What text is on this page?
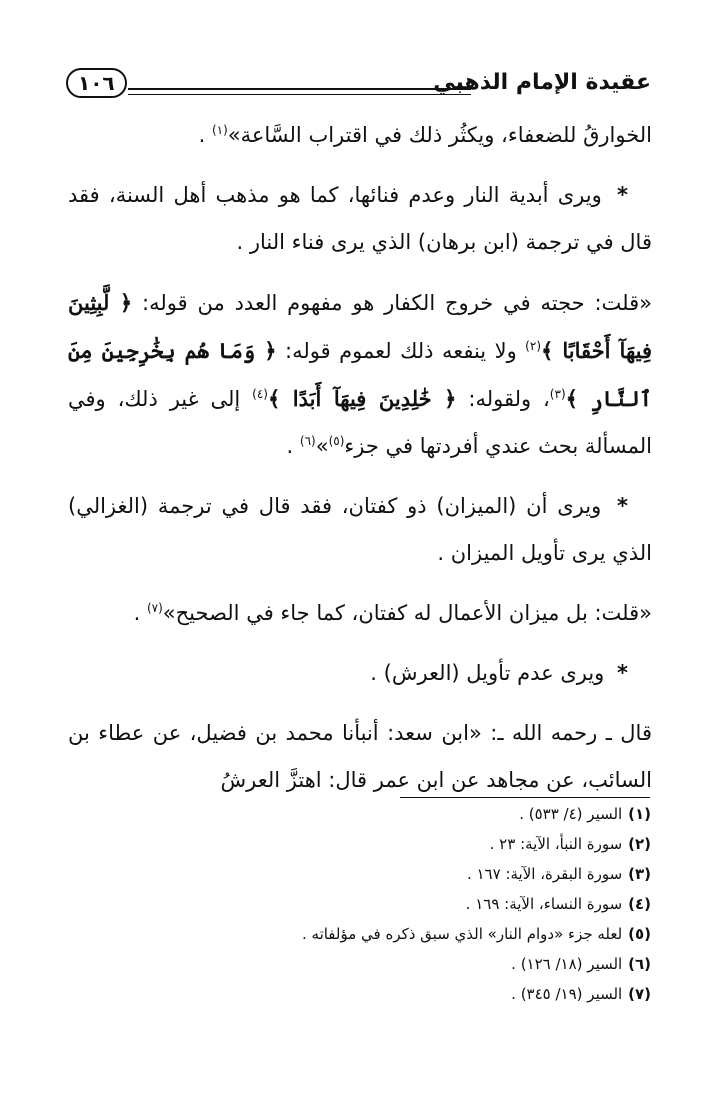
عقيدة الإمام الذهبي
١٠٦

الخوارقُ للضعفاء، ويكثُر ذلك في اقتراب السَّاعة»$^{(١)}$ .

* ويرى أبدية النار وعدم فنائها، كما هو مذهب أهل السنة، فقد قال في ترجمة (ابن برهان) الذي يرى فناء النار .

«قلت: حجته في خروج الكفار هو مفهوم العدد من قوله: ﴿ لَّبِثِينَ فِيهَآ أَحْقَابًا ﴾$^{(٢)}$ ولا ينفعه ذلك لعموم قوله: ﴿ وَمَا هُم بِخَٰرِجِينَ مِنَ ٱلنَّارِ ﴾$^{(٣)}$، ولقوله: ﴿ خَٰلِدِينَ فِيهَآ أَبَدًا ﴾$^{(٤)}$ إلى غير ذلك، وفي المسألة بحث عندي أفردتها في جزء$^{(٥)}$»$^{(٦)}$ .

* ويرى أن (الميزان) ذو كفتان، فقد قال في ترجمة (الغزالي) الذي يرى تأويل الميزان .

«قلت: بل ميزان الأعمال له كفتان، كما جاء في الصحيح»$^{(٧)}$ .

* ويرى عدم تأويل (العرش) .

قال ـ رحمه الله ـ: «ابن سعد: أنبأنا محمد بن فضيل، عن عطاء بن السائب، عن مجاهد عن ابن عمر قال: اهتزَّ العرشُ

(١) السير (٤/ ٥٣٣) .
(٢) سورة النبأ، الآية: ٢٣ .
(٣) سورة البقرة، الآية: ١٦٧ .
(٤) سورة النساء، الآية: ١٦٩ .
(٥) لعله جزء «دوام النار» الذي سبق ذكره في مؤلفاته .
(٦) السير (١٨/ ١٢٦) .
(٧) السير (١٩/ ٣٤٥) .
